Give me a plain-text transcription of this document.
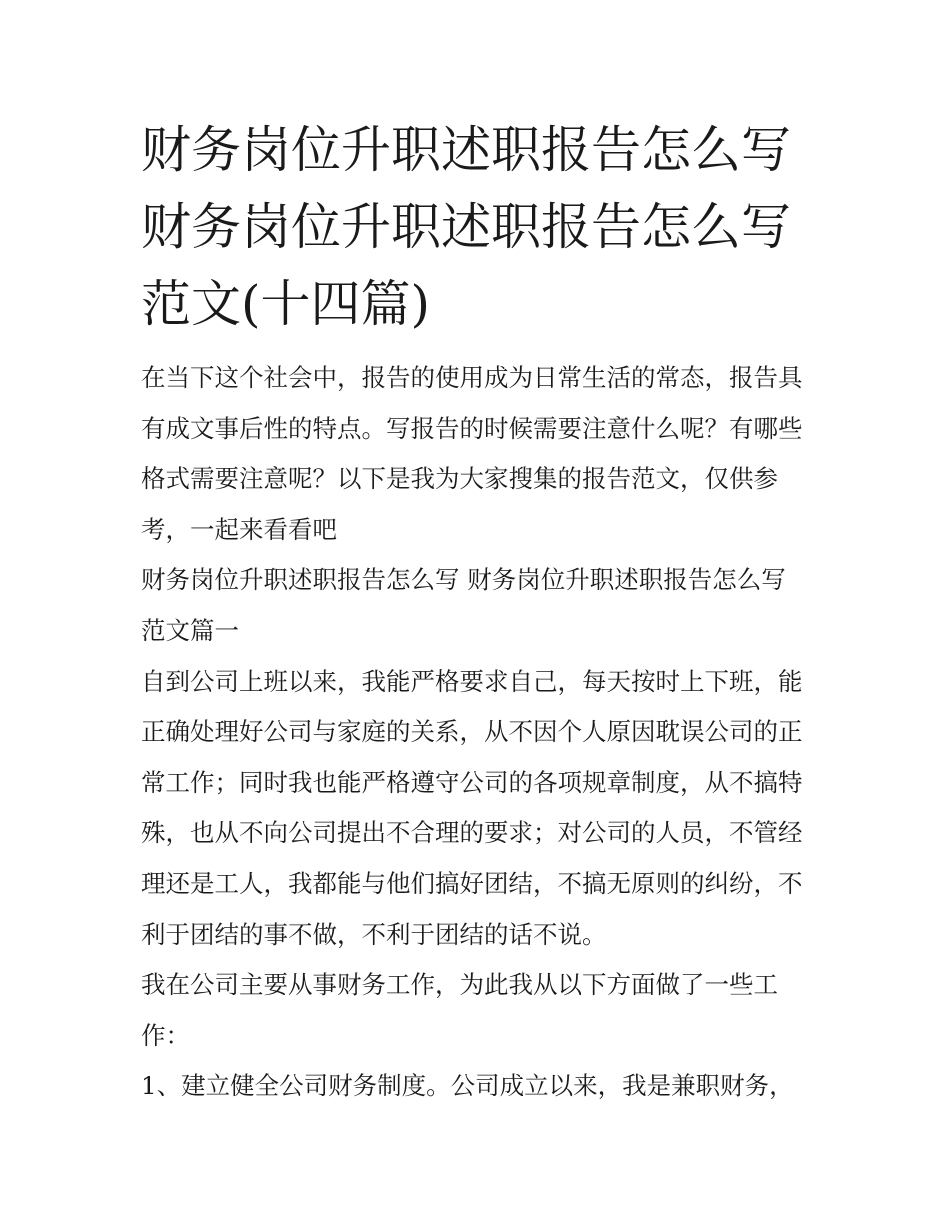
财务岗位升职述职报告怎么写
财务岗位升职述职报告怎么写
范文(十四篇)

在当下这个社会中，报告的使用成为日常生活的常态，报告具
有成文事后性的特点。写报告的时候需要注意什么呢？有哪些
格式需要注意呢？以下是我为大家搜集的报告范文，仅供参
考，一起来看看吧

财务岗位升职述职报告怎么写 财务岗位升职述职报告怎么写
范文篇一

自到公司上班以来，我能严格要求自己，每天按时上下班，能
正确处理好公司与家庭的关系，从不因个人原因耽误公司的正
常工作；同时我也能严格遵守公司的各项规章制度，从不搞特
殊，也从不向公司提出不合理的要求；对公司的人员，不管经
理还是工人，我都能与他们搞好团结，不搞无原则的纠纷，不
利于团结的事不做，不利于团结的话不说。

我在公司主要从事财务工作，为此我从以下方面做了一些工
作：

1、建立健全公司财务制度。公司成立以来，我是兼职财务，
